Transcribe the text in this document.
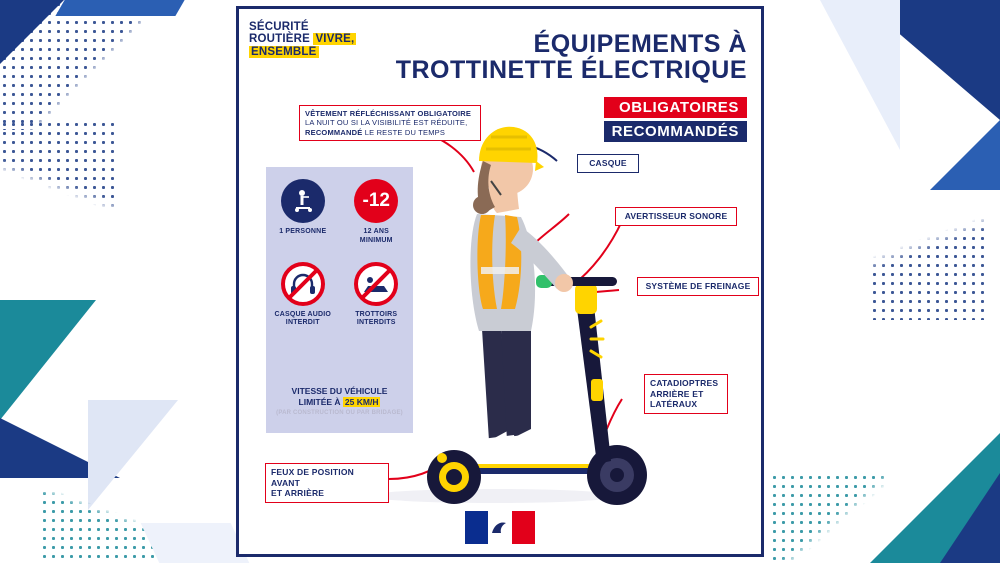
SÉCURITÉ
ROUTIÈRE VIVRE,
ENSEMBLE	ÉQUIPEMENTS À
TROTTINETTE ÉLECTRIQUE
OBLIGATOIRES
RECOMMANDÉS
VÊTEMENT RÉFLÉCHISSANT OBLIGATOIRE
LA NUIT OU SI LA VISIBILITÉ EST RÉDUITE,
RECOMMANDÉ LE RESTE DU TEMPS
CASQUE
AVERTISSEUR SONORE
SYSTÈME DE FREINAGE
CATADIOPTRES
ARRIÈRE ET
LATÉRAUX
FEUX DE POSITION AVANT
ET ARRIÈRE
1 PERSONNE
-12
12 ANS
MINIMUM
CASQUE AUDIO
INTERDIT
TROTTOIRS
INTERDITS
VITESSE DU VÉHICULE
LIMITÉE À 25 KM/H
(PAR CONSTRUCTION OU PAR BRIDAGE)
